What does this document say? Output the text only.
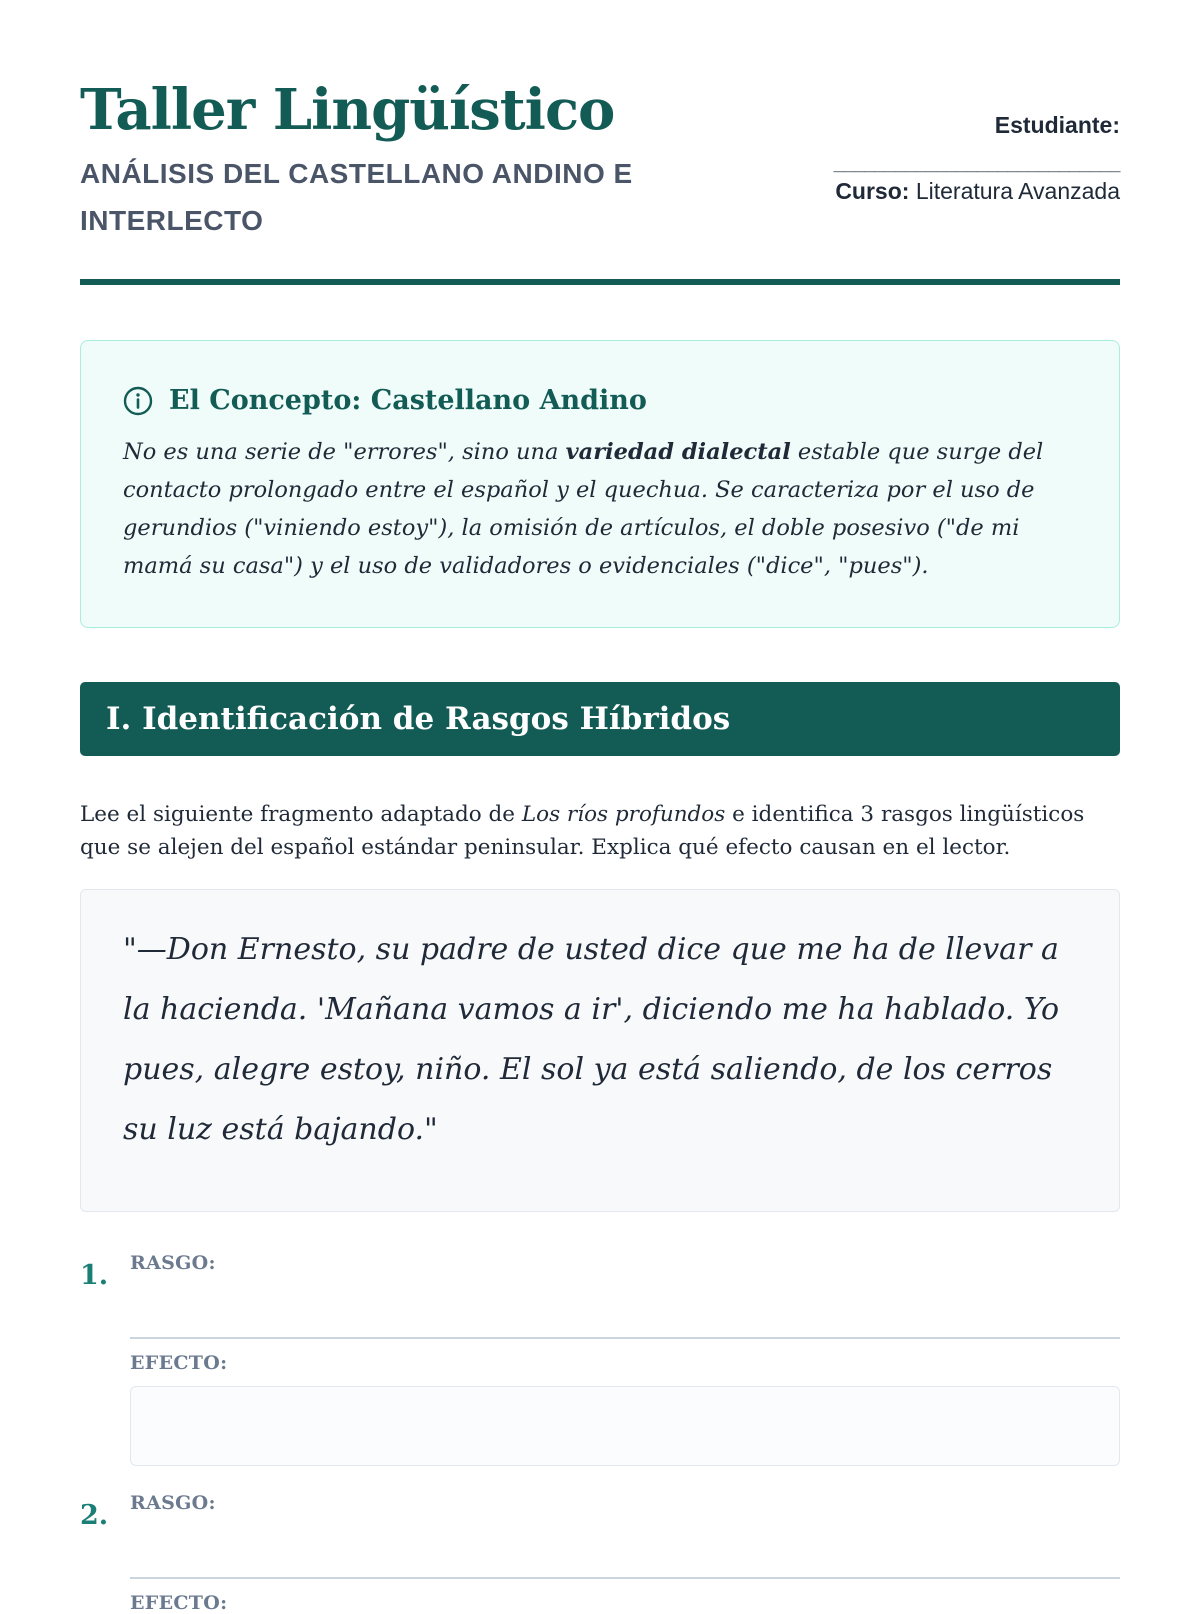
Taller Lingüístico
ANÁLISIS DEL CASTELLANO ANDINO E INTERLECTO
Estudiante:
____________________________
Curso: Literatura Avanzada
El Concepto: Castellano Andino

No es una serie de "errores", sino una variedad dialectal estable que surge del contacto prolongado entre el español y el quechua. Se caracteriza por el uso de gerundios ("viniendo estoy"), la omisión de artículos, el doble posesivo ("de mi mamá su casa") y el uso de validadores o evidenciales ("dice", "pues").

I. Identificación de Rasgos Híbridos

Lee el siguiente fragmento adaptado de Los ríos profundos e identifica 3 rasgos lingüísticos que se alejen del español estándar peninsular. Explica qué efecto causan en el lector.

"—Don Ernesto, su padre de usted dice que me ha de llevar a la hacienda. 'Mañana vamos a ir', diciendo me ha hablado. Yo pues, alegre estoy, niño. El sol ya está saliendo, de los cerros su luz está bajando."

1. RASGO:
EFECTO:
2. RASGO:
EFECTO:
